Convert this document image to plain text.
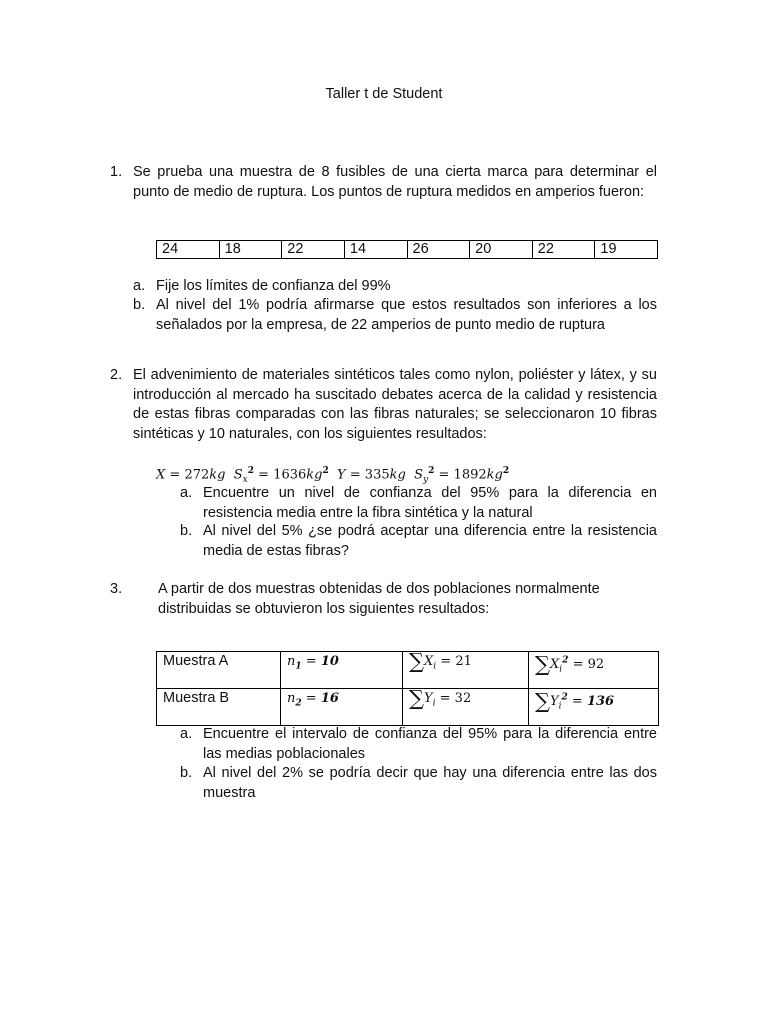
Taller t de Student
1. Se prueba una muestra de 8 fusibles de una cierta marca para determinar el punto de medio de ruptura. Los puntos de ruptura medidos en amperios fueron:
24	18	22	14	26	20	22	19
a. Fije los límites de confianza del 99%
b. Al nivel del 1% podría afirmarse que estos resultados son inferiores a los señalados por la empresa, de 22 amperios de punto medio de ruptura
2. El advenimiento de materiales sintéticos tales como nylon, poliéster y látex, y su introducción al mercado ha suscitado debates acerca de la calidad y resistencia de estas fibras comparadas con las fibras naturales; se seleccionaron 10 fibras sintéticas y 10 naturales, con los siguientes resultados:
X = 272kg $S_x^2 = 1636kg^2$ Y = 335kg $S_y^2 = 1892kg^2$
a. Encuentre un nivel de confianza del 95% para la diferencia en resistencia media entre la fibra sintética y la natural
b. Al nivel del 5% ¿se podrá aceptar una diferencia entre la resistencia media de estas fibras?
3.	A partir de dos muestras obtenidas de dos poblaciones normalmente distribuidas se obtuvieron los siguientes resultados:
Muestra A	$n_1 = 10$	$\sum X_i = 21$	$\sum X_i^2 = 92$
Muestra B	$n_2 = 16$	$\sum Y_i = 32$	$\sum Y_i^2 = 136$
a. Encuentre el intervalo de confianza del 95% para la diferencia entre las medias poblacionales
b. Al nivel del 2% se podría decir que hay una diferencia entre las dos muestra
